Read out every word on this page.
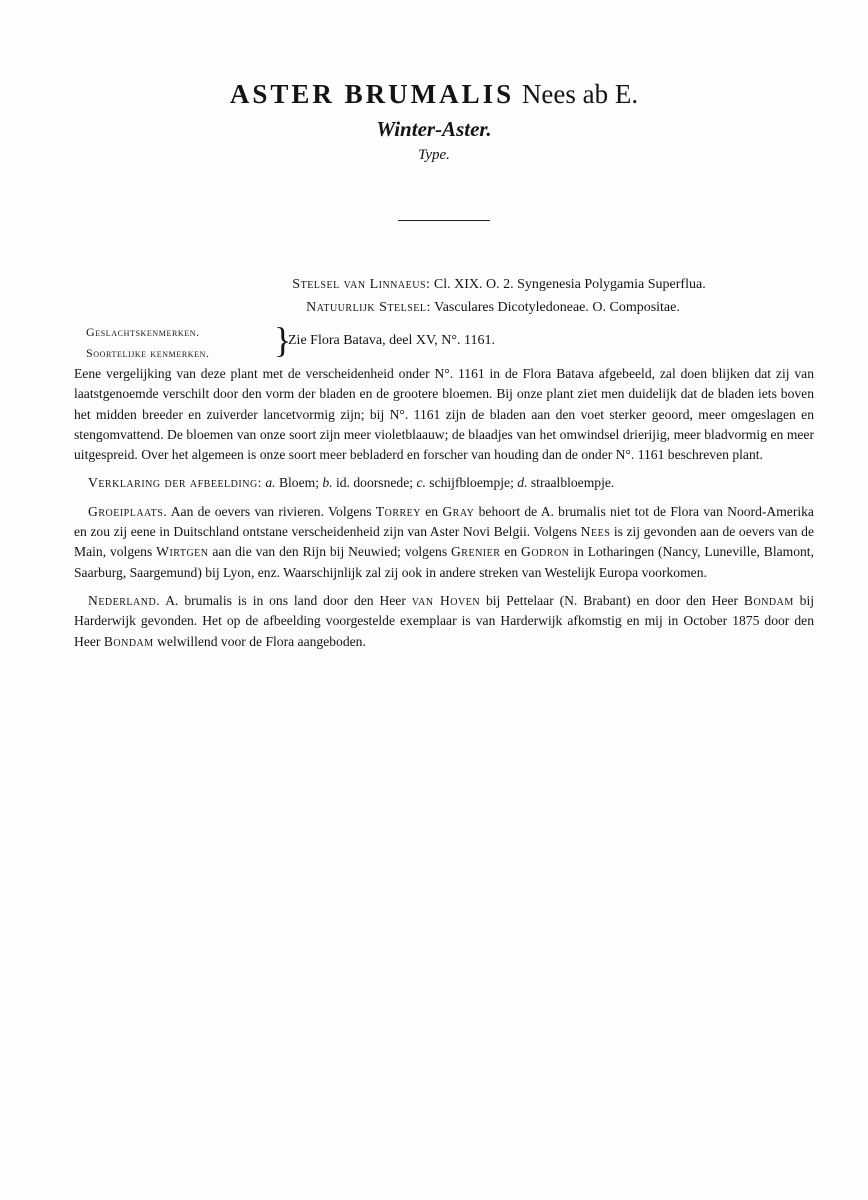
ASTER BRUMALIS Nees ab E.
Winter-Aster.
Type.
Stelsel van Linnaeus: Cl. XIX. O. 2. Syngenesia Polygamia Superflua.
Natuurlijk Stelsel: Vasculares Dicotyledoneae. O. Compositae.
Geslachtskenmerken.
Soortelijke kenmerken. }
Zie Flora Batava, deel XV, N°. 1161.

Eene vergelijking van deze plant met de verscheidenheid onder N°. 1161 in de Flora Batava afgebeeld, zal doen blijken dat zij van laatstgenoemde verschilt door den vorm der bladen en de grootere bloemen. Bij onze plant ziet men duidelijk dat de bladen iets boven het midden breeder en zuiverder lancetvormig zijn; bij N°. 1161 zijn de bladen aan den voet sterker geoord, meer omgeslagen en stengomvattend. De bloemen van onze soort zijn meer violetblaauw; de blaadjes van het omwindsel drierijig, meer bladvormig en meer uitgespreid. Over het algemeen is onze soort meer bebladerd en forscher van houding dan de onder N°. 1161 beschreven plant.

Verklaring der afbeelding: a. Bloem; b. id. doorsnede; c. schijfbloempje; d. straalbloempje.

Groeiplaats. Aan de oevers van rivieren. Volgens Torrey en Gray behoort de A. brumalis niet tot de Flora van Noord-Amerika en zou zij eene in Duitschland ontstane verscheidenheid zijn van Aster Novi Belgii. Volgens Nees is zij gevonden aan de oevers van de Main, volgens Wirtgen aan die van den Rijn bij Neuwied; volgens Grenier en Godron in Lotharingen (Nancy, Luneville, Blamont, Saarburg, Saargemund) bij Lyon, enz. Waarschijnlijk zal zij ook in andere streken van Westelijk Europa voorkomen.

Nederland. A. brumalis is in ons land door den Heer van Hoven bij Pettelaar (N. Brabant) en door den Heer Bondam bij Harderwijk gevonden. Het op de afbeelding voorgestelde exemplaar is van Harderwijk afkomstig en mij in October 1875 door den Heer Bondam welwillend voor de Flora aangeboden.
